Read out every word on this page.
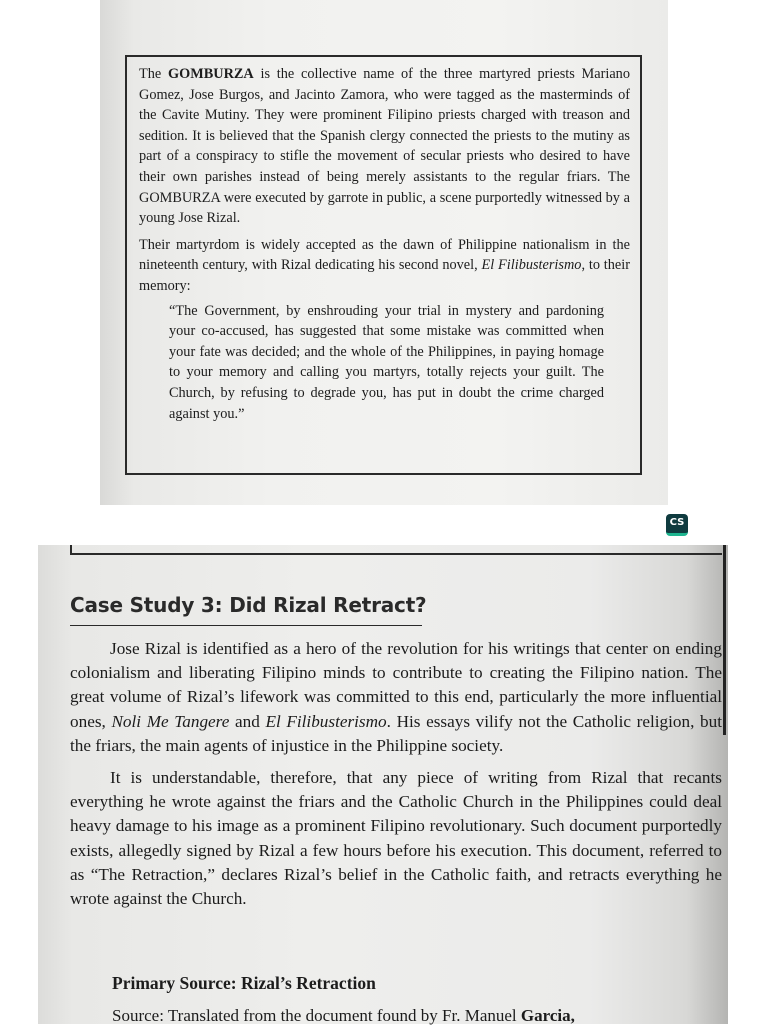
The GOMBURZA is the collective name of the three martyred priests Mariano Gomez, Jose Burgos, and Jacinto Zamora, who were tagged as the masterminds of the Cavite Mutiny. They were prominent Filipino priests charged with treason and sedition. It is believed that the Spanish clergy connected the priests to the mutiny as part of a conspiracy to stifle the movement of secular priests who desired to have their own parishes instead of being merely assistants to the regular friars. The GOMBURZA were executed by garrote in public, a scene purportedly witnessed by a young Jose Rizal.

Their martyrdom is widely accepted as the dawn of Philippine nationalism in the nineteenth century, with Rizal dedicating his second novel, El Filibusterismo, to their memory:

“The Government, by enshrouding your trial in mystery and pardoning your co-accused, has suggested that some mistake was committed when your fate was decided; and the whole of the Philippines, in paying homage to your memory and calling you martyrs, totally rejects your guilt. The Church, by refusing to degrade you, has put in doubt the crime charged against you.”
CS
Case Study 3: Did Rizal Retract?

Jose Rizal is identified as a hero of the revolution for his writings that center on ending colonialism and liberating Filipino minds to contribute to creating the Filipino nation. The great volume of Rizal’s lifework was committed to this end, particularly the more influential ones, Noli Me Tangere and El Filibusterismo. His essays vilify not the Catholic religion, but the friars, the main agents of injustice in the Philippine society.

It is understandable, therefore, that any piece of writing from Rizal that recants everything he wrote against the friars and the Catholic Church in the Philippines could deal heavy damage to his image as a prominent Filipino revolutionary. Such document purportedly exists, allegedly signed by Rizal a few hours before his execution. This document, referred to as “The Retraction,” declares Rizal’s belief in the Catholic faith, and retracts everything he wrote against the Church.

Primary Source: Rizal’s Retraction

Source: Translated from the document found by Fr. Manuel Garcia,
